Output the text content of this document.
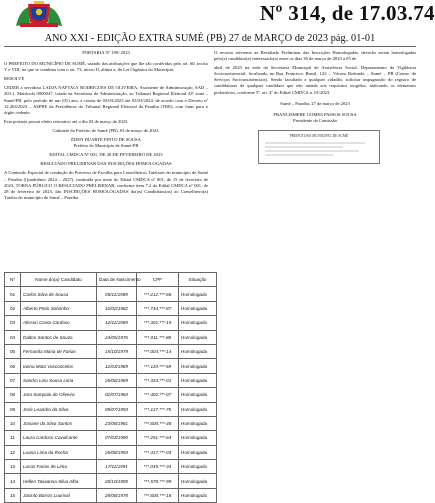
Nº 314, de 17.03.74
ANO XXI - EDIÇÃO EXTRA SUMÉ (PB) 27 de MARÇO de 2023 pág. 01-01

PORTARIA Nº 109/ 2023

O PREFEITO DO MUNICÍPIO DE SUMÉ, usando das atribuições que lhe são conferidas pelo art. 60, inciso V e VIII, no que se combina com o art. 73, inciso II, alínea a, da Lei Orgânica do Município,

RESOLVE

CEDER a servidora LADJA NAFTALY RODRIGUES DE OLIVEIRA, Assistente de Administração, SAD – 203.1, Matrícula 0000047, lotada na Secretaria de Administração, ao Tribunal Regional Eleitoral 43ª zona – Sumé/PB, pelo período de um (01) ano, a contar de 03/03/2023 até 03/03/2024, de acordo com o Decreto nº 12.264/2023 – ASPRE da Presidência do Tribunal Regional Eleitoral da Paraíba (TRE), com ônus para o órgão cedente.

Esta portaria possui efeito retroativo até o dia 03 de março de 2023.

Gabinete do Prefeito de Sumé (PB), 03 de março de 2023.

ÉDEN DUARTE PINTO DE SOUSA

Prefeito do Município de Sumé-PB

EDITAL CMDCA Nº 001, DE 28 DE FEVEREIRO DE 2023

RESULTADO PRELIMINAR DAS INSCRIÇÕES HOMOLOGADAS

A Comissão Especial de condução do Processo de Escolha para Conselheiros Tutelares do município de Sumé – Paraíba (Quadriênio 2024 – 2027), instituída por meio do Edital CMDCA nº 001, de 15 de fevereiro de 2023, TORNA PÚBLICO O RESULTADO PRELIMINAR, conforme item 7.2 do Edital CMDCA nº 001, de 28 de fevereiro de 2023, das INSCRIÇÕES HOMOLOGADAS do(as) Candidatos(as) ao Conselheiro(a) Tutelar do município de Sumé – Paraíba.

O recurso referente ao Resultado Preliminar das Inscrições Homologadas, deverão serem homologadas pelo(a) candidato(a) interessado(a) entre os dias 30 de março de 2023 a 05 de

abril de 2023 na sede da Secretaria Municipal de Assistência Social, Departamento de Vigilância Socioassistencial, localizado na Rua Francisco Brasil, 123 – Várzea Redonda – Sumé – PB (Centro de Serviços Socioassistenciais). Sendo facultado a qualquer cidadão, solicitar impugnação do registro de candidaturas de qualquer candidato que não atenda aos requisitos exigidos, indicando os elementos probatórios, conforme 5º, art. 4º do Edital CMDCA n. 01/2023.

Sumé – Paraíba, 27 de março de 2023

FRANCISMERE GOMES PASSOS SOUSA

Presidente da Comissão

PREFEITURA MUNICIPAL DE SUMÉ
Nº	Nome do(a) Candidato	Data de Nascimento	CPF	Situação
01	Carlos Silva de Sousa	05/11/1989	***.212.***-68	Homologado
02	Alberto Pinto Sobrinho	10/02/1982	***.744.***-87	Homologada
03	Alisson Costa Cardoso	12/11/1989	***.301.***-19	Homologado
04	Dalton Santos de Souza	24/05/1976	***.011.***-88	Homologada
05	Fernanda Maria de Farias	15/10/1979	***.004.***-14	Homologada
06	Ianna Mota Vasconcelos	12/03/1989	***.119.***-59	Homologada
07	Sandro Lino Sousa Lima	25/06/1989	***.334.***-01	Homologada
08	Jara Sampaio de Oliveira	02/07/1983	***.402.***-07	Homologada
09	José Leandro da Silva	09/07/1993	***.117.***-75	Homologado
10	Josiane da Silva Santos	23/08/1981	***.600.***-48	Homologada
11	Laura Cardoso Cavalcante	07/03/1990	***.291.***-64	Homologada
12	Luana Lima da Rocha	25/08/1993	***.417.***-03	Homologada
13	Lucas Farias de Lima	17/11/1991	***.045.***-34	Homologado
14	Hellen Taiwanna Silva Alba	28/10/1995	***.578.***-99	Homologada
15	Jacinto Barros Lourival	28/08/1978	***.600.***-18	Homologado
